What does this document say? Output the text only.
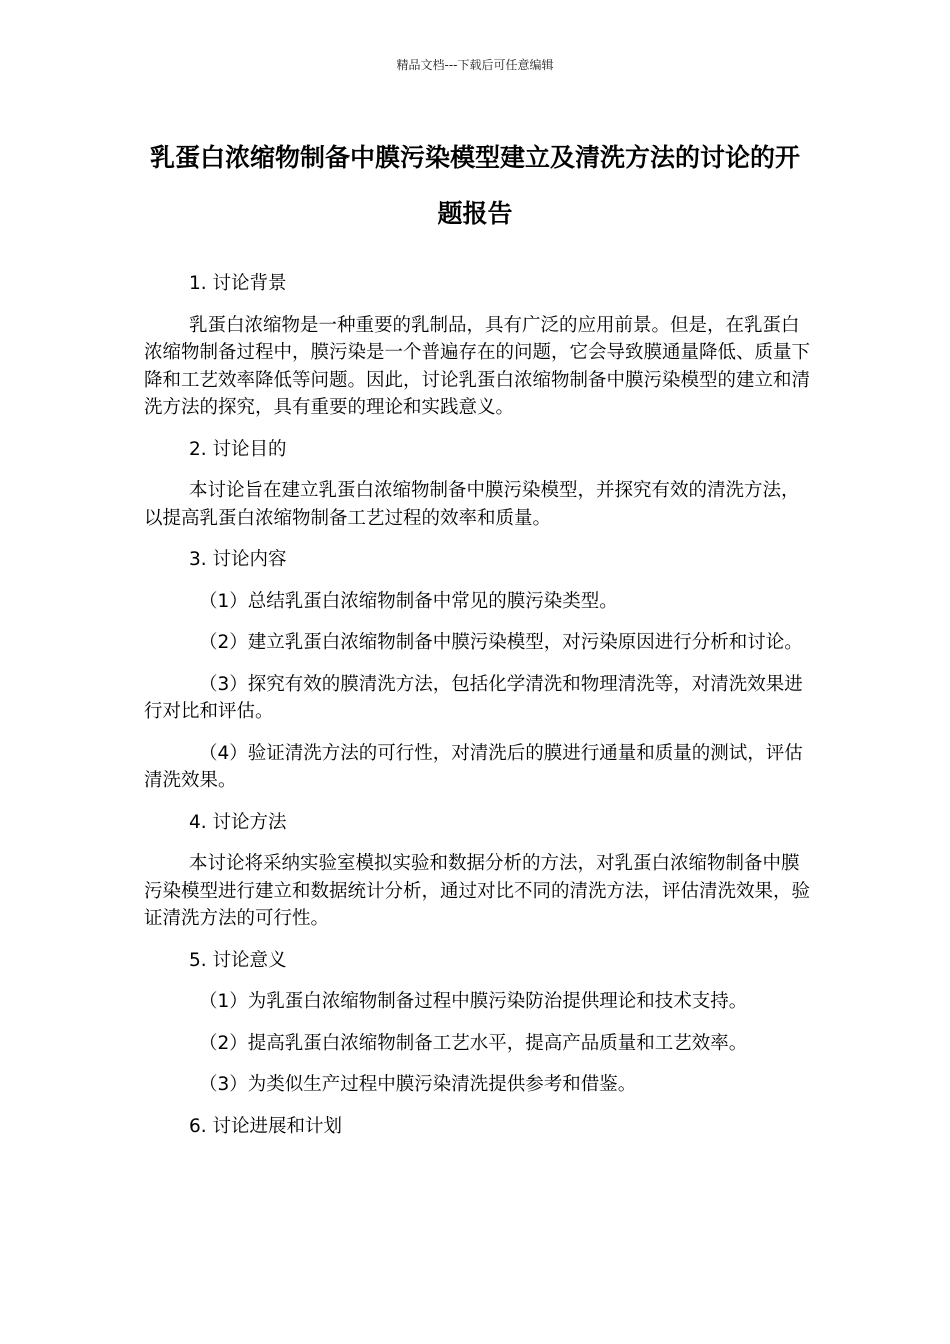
精品文档---下载后可任意编辑
乳蛋白浓缩物制备中膜污染模型建立及清洗方法的讨论的开题报告

1. 讨论背景

乳蛋白浓缩物是一种重要的乳制品，具有广泛的应用前景。但是，在乳蛋白浓缩物制备过程中，膜污染是一个普遍存在的问题，它会导致膜通量降低、质量下降和工艺效率降低等问题。因此，讨论乳蛋白浓缩物制备中膜污染模型的建立和清洗方法的探究，具有重要的理论和实践意义。

2. 讨论目的

本讨论旨在建立乳蛋白浓缩物制备中膜污染模型，并探究有效的清洗方法，以提高乳蛋白浓缩物制备工艺过程的效率和质量。

3. 讨论内容

（1）总结乳蛋白浓缩物制备中常见的膜污染类型。

（2）建立乳蛋白浓缩物制备中膜污染模型，对污染原因进行分析和讨论。

（3）探究有效的膜清洗方法，包括化学清洗和物理清洗等，对清洗效果进行对比和评估。

（4）验证清洗方法的可行性，对清洗后的膜进行通量和质量的测试，评估清洗效果。

4. 讨论方法

本讨论将采纳实验室模拟实验和数据分析的方法，对乳蛋白浓缩物制备中膜污染模型进行建立和数据统计分析，通过对比不同的清洗方法，评估清洗效果，验证清洗方法的可行性。

5. 讨论意义

（1）为乳蛋白浓缩物制备过程中膜污染防治提供理论和技术支持。

（2）提高乳蛋白浓缩物制备工艺水平，提高产品质量和工艺效率。

（3）为类似生产过程中膜污染清洗提供参考和借鉴。

6. 讨论进展和计划
